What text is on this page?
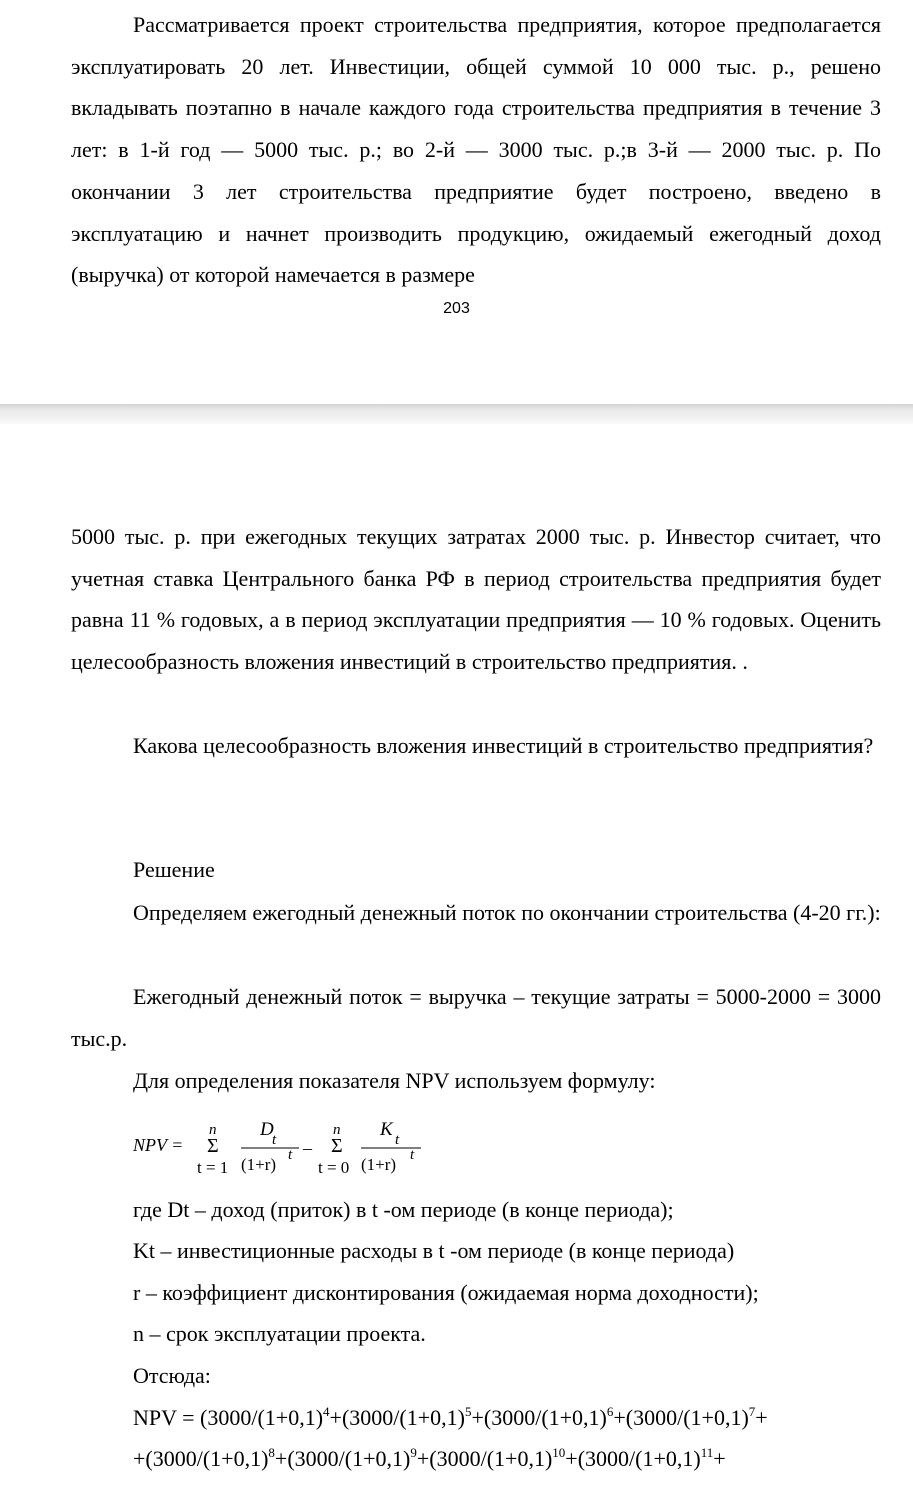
Рассматривается проект строительства предприятия, которое предполагается эксплуатировать 20 лет. Инвестиции, общей суммой 10 000 тыс. р., решено вкладывать поэтапно в начале каждого года строительства предприятия в течение 3 лет: в 1-й год — 5000 тыс. р.; во 2-й — 3000 тыс. р.;в 3-й — 2000 тыс. р. По окончании 3 лет строительства предприятие будет построено, введено в эксплуатацию и начнет производить продукцию, ожидаемый ежегодный доход (выручка) от которой намечается в размере
203
5000 тыс. р. при ежегодных текущих затратах 2000 тыс. р. Инвестор считает, что учетная ставка Центрального банка РФ в период строительства предприятия будет равна 11 % годовых, а в период эксплуатации предприятия — 10 % годовых. Оценить целесообразность вложения инвестиций в строительство предприятия. .
Какова целесообразность вложения инвестиций в строительство предприятия?
Решение
Определяем ежегодный денежный поток по окончании строительства (4-20 гг.):
Ежегодный денежный поток = выручка – текущие затраты = 5000-2000 = 3000 тыс.р.
Для определения показателя NPV используем формулу:
NPV =
n
Σ
t = 1
D
t
(1+r) t –
n
Σ
t = 0
K t
(1+r) t
где Dt – доход (приток) в t -ом периоде (в конце периода);
Kt – инвестиционные расходы в t -ом периоде (в конце периода)
r – коэффициент дисконтирования (ожидаемая норма доходности);
n – срок эксплуатации проекта.
Отсюда:
NPV = ($3000/(1+0,1)^4+(3000/(1+0,1)^5+(3000/(1+0,1)^6+(3000/(1+0,1)^7+$
$+(3000/(1+0,1)^8+(3000/(1+0,1)^9+(3000/(1+0,1)^{10}+(3000/(1+0,1)^{11}+$
